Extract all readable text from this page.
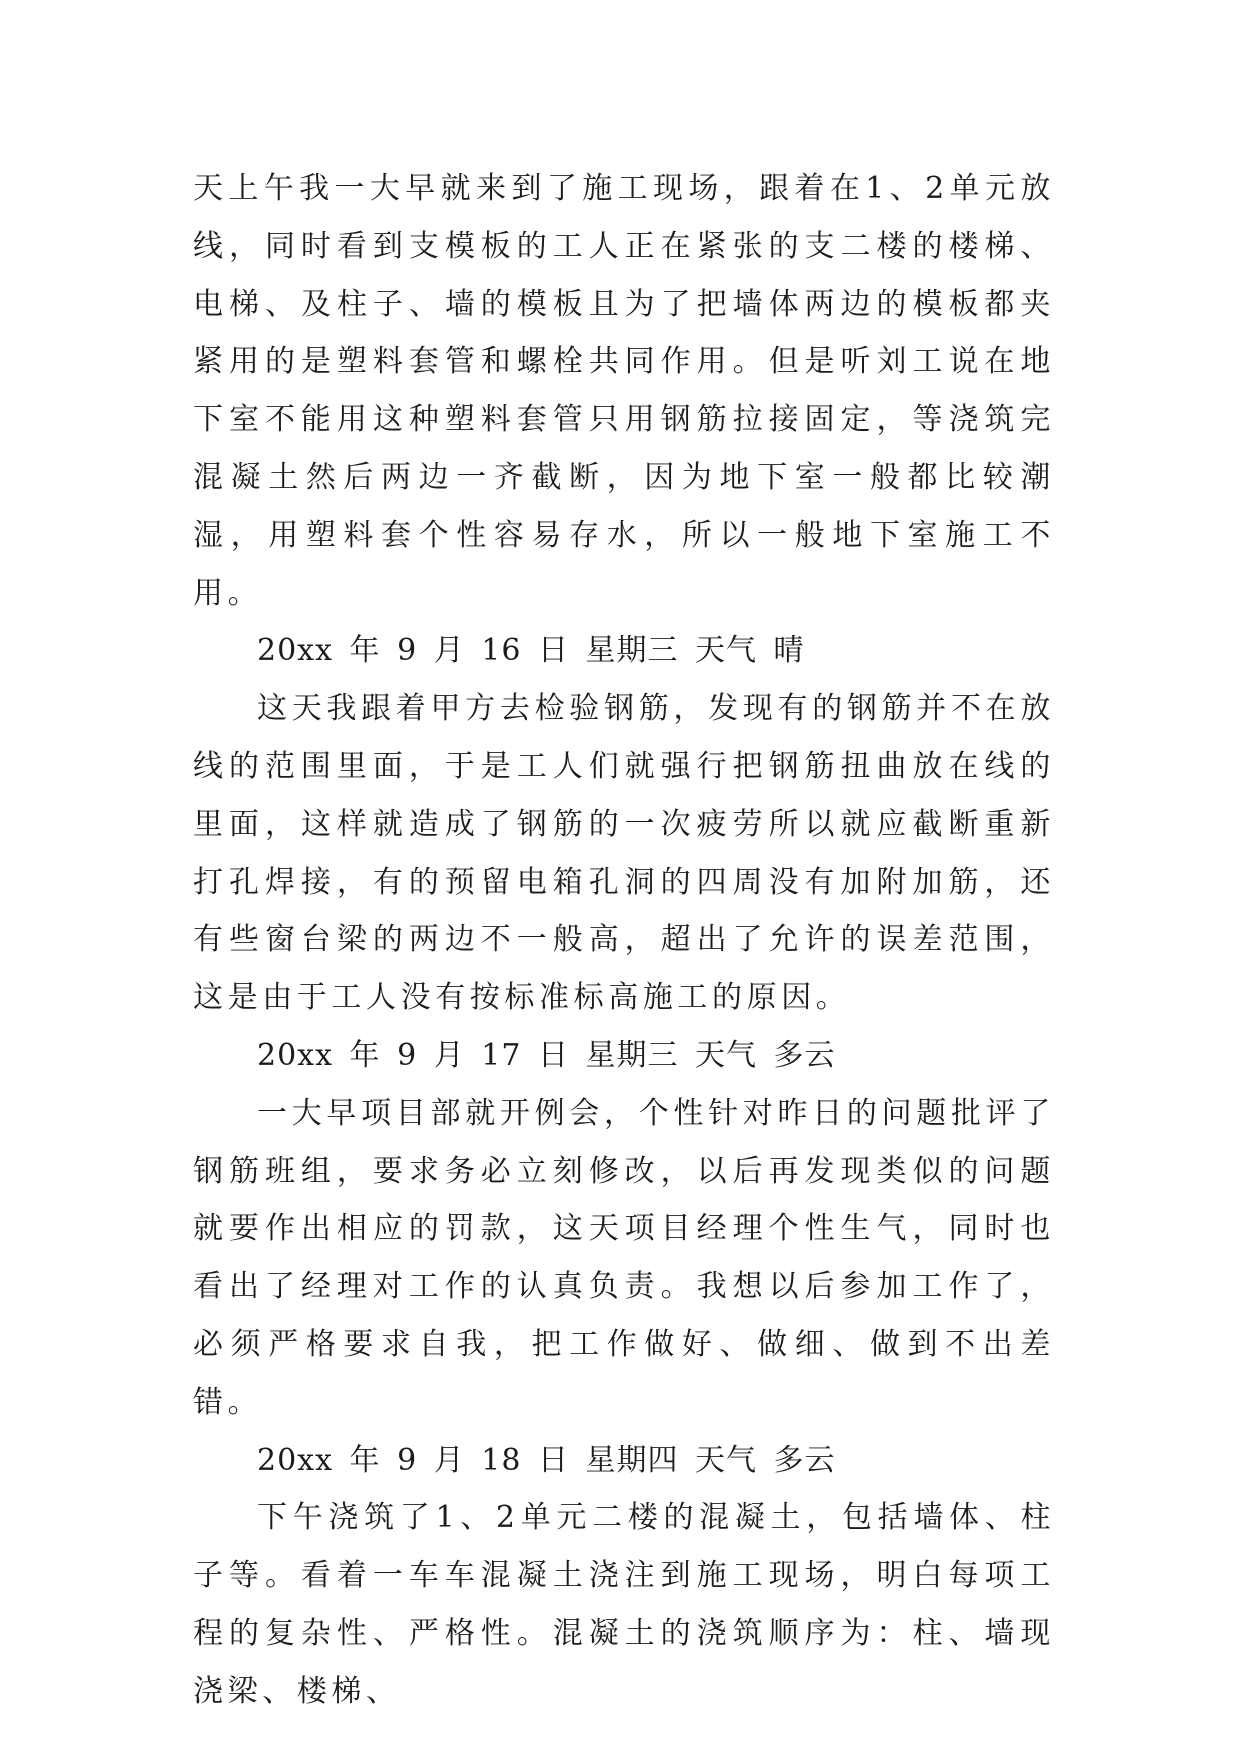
天上午我一大早就来到了施工现场，跟着在1、2单元放线，同时看到支模板的工人正在紧张的支二楼的楼梯、电梯、及柱子、墙的模板且为了把墙体两边的模板都夹紧用的是塑料套管和螺栓共同作用。但是听刘工说在地下室不能用这种塑料套管只用钢筋拉接固定，等浇筑完混凝土然后两边一齐截断，因为地下室一般都比较潮湿，用塑料套个性容易存水，所以一般地下室施工不用。

20xx 年 9 月 16 日 星期三 天气 晴

这天我跟着甲方去检验钢筋，发现有的钢筋并不在放线的范围里面，于是工人们就强行把钢筋扭曲放在线的里面，这样就造成了钢筋的一次疲劳所以就应截断重新打孔焊接，有的预留电箱孔洞的四周没有加附加筋，还有些窗台梁的两边不一般高，超出了允许的误差范围，这是由于工人没有按标准标高施工的原因。

20xx 年 9 月 17 日 星期三 天气 多云

一大早项目部就开例会，个性针对昨日的问题批评了钢筋班组，要求务必立刻修改，以后再发现类似的问题就要作出相应的罚款，这天项目经理个性生气，同时也看出了经理对工作的认真负责。我想以后参加工作了，必须严格要求自我，把工作做好、做细、做到不出差错。

20xx 年 9 月 18 日 星期四 天气 多云

下午浇筑了1、2单元二楼的混凝土，包括墙体、柱子等。看着一车车混凝土浇注到施工现场，明白每项工程的复杂性、严格性。混凝土的浇筑顺序为：柱、墙现浇梁、楼梯、
